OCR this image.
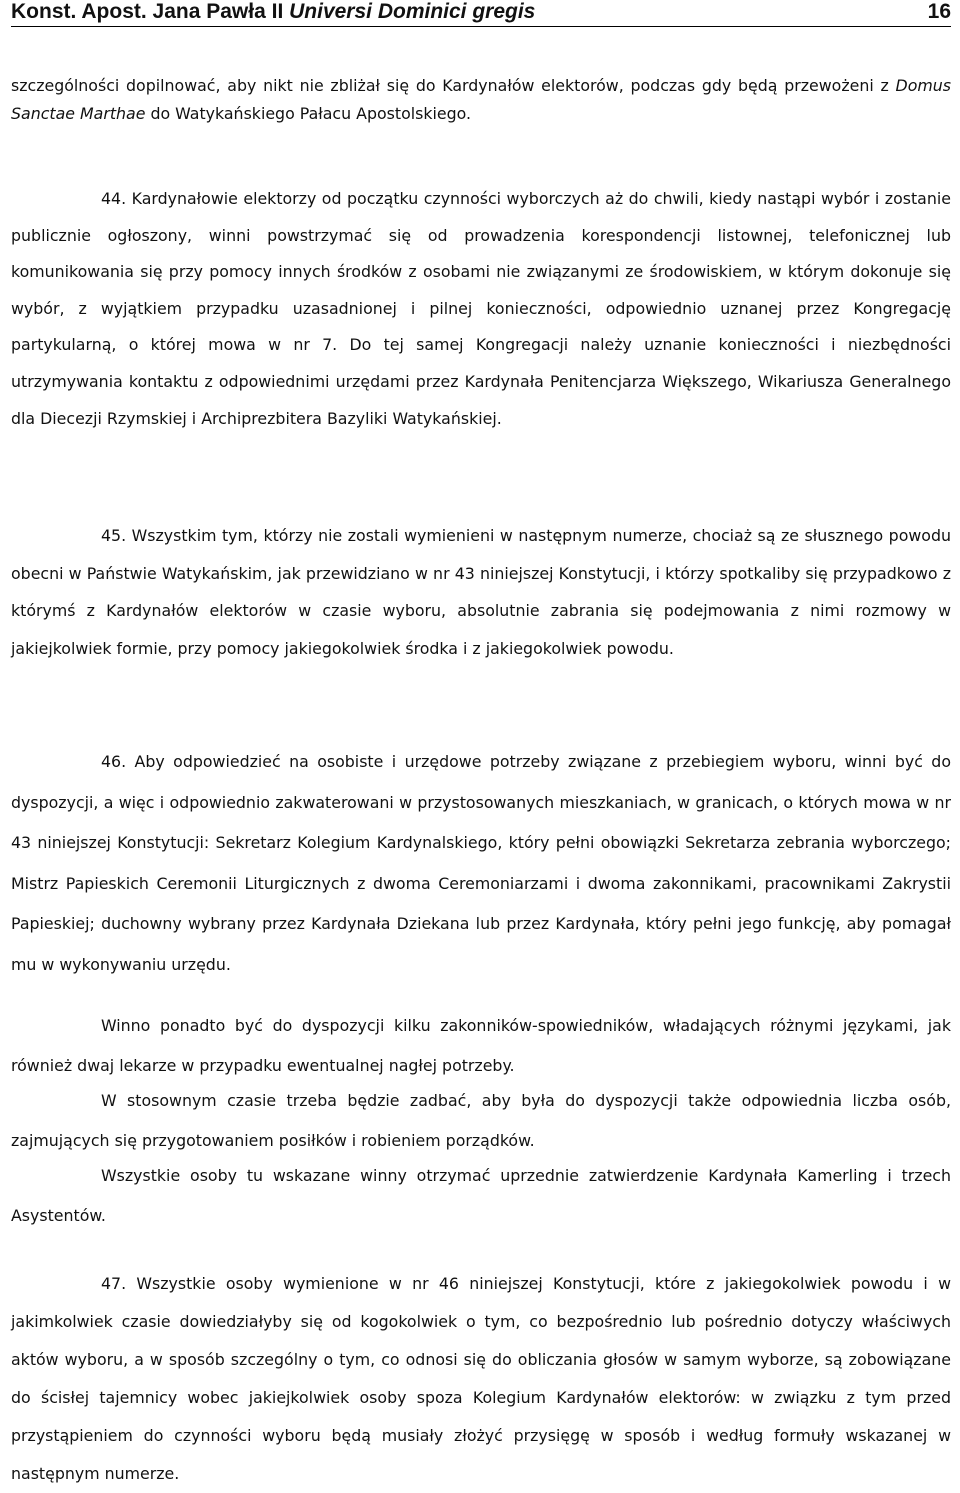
Konst. Apost. Jana Pawła II Universi Dominici gregis	16

szczególności dopilnować, aby nikt nie zbliżał się do Kardynałów elektorów, podczas gdy będą przewożeni z Domus Sanctae Marthae do Watykańskiego Pałacu Apostolskiego.

44. Kardynałowie elektorzy od początku czynności wyborczych aż do chwili, kiedy nastąpi wybór i zostanie publicznie ogłoszony, winni powstrzymać się od prowadzenia korespondencji listownej, telefonicznej lub komunikowania się przy pomocy innych środków z osobami nie związanymi ze środowiskiem, w którym dokonuje się wybór, z wyjątkiem przypadku uzasadnionej i pilnej konieczności, odpowiednio uznanej przez Kongregację partykularną, o której mowa w nr 7. Do tej samej Kongregacji należy uznanie konieczności i niezbędności utrzymywania kontaktu z odpowiednimi urzędami przez Kardynała Penitencjarza Większego, Wikariusza Generalnego dla Diecezji Rzymskiej i Archiprezbitera Bazyliki Watykańskiej.

45. Wszystkim tym, którzy nie zostali wymienieni w następnym numerze, chociaż są ze słusznego powodu obecni w Państwie Watykańskim, jak przewidziano w nr 43 niniejszej Konstytucji, i którzy spotkaliby się przypadkowo z którymś z Kardynałów elektorów w czasie wyboru, absolutnie zabrania się podejmowania z nimi rozmowy w jakiejkolwiek formie, przy pomocy jakiegokolwiek środka i z jakiegokolwiek powodu.

46. Aby odpowiedzieć na osobiste i urzędowe potrzeby związane z przebiegiem wyboru, winni być do dyspozycji, a więc i odpowiednio zakwaterowani w przystosowanych mieszkaniach, w granicach, o których mowa w nr 43 niniejszej Konstytucji: Sekretarz Kolegium Kardynalskiego, który pełni obowiązki Sekretarza zebrania wyborczego; Mistrz Papieskich Ceremonii Liturgicznych z dwoma Ceremoniarzami i dwoma zakonnikami, pracownikami Zakrystii Papieskiej; duchowny wybrany przez Kardynała Dziekana lub przez Kardynała, który pełni jego funkcję, aby pomagał mu w wykonywaniu urzędu.

Winno ponadto być do dyspozycji kilku zakonników-spowiedników, władających różnymi językami, jak również dwaj lekarze w przypadku ewentualnej nagłej potrzeby.

W stosownym czasie trzeba będzie zadbać, aby była do dyspozycji także odpowiednia liczba osób, zajmujących się przygotowaniem posiłków i robieniem porządków.

Wszystkie osoby tu wskazane winny otrzymać uprzednie zatwierdzenie Kardynała Kamerling i trzech Asystentów.

47. Wszystkie osoby wymienione w nr 46 niniejszej Konstytucji, które z jakiegokolwiek powodu i w jakimkolwiek czasie dowiedziałyby się od kogokolwiek o tym, co bezpośrednio lub pośrednio dotyczy właściwych aktów wyboru, a w sposób szczególny o tym, co odnosi się do obliczania głosów w samym wyborze, są zobowiązane do ścisłej tajemnicy wobec jakiejkolwiek osoby spoza Kolegium Kardynałów elektorów: w związku z tym przed przystąpieniem do czynności wyboru będą musiały złożyć przysięgę w sposób i według formuły wskazanej w następnym numerze.
